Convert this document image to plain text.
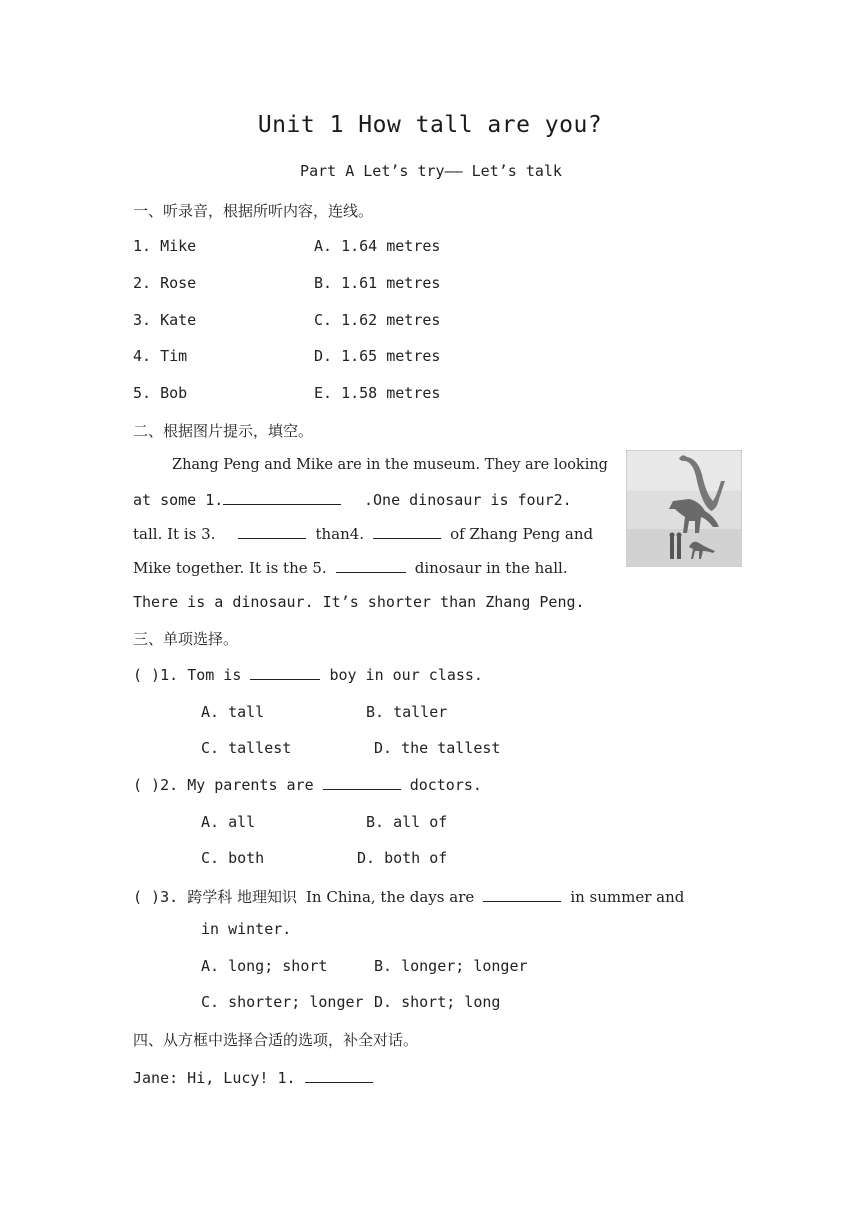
Unit 1 How tall are you?
Part A Let’s try—— Let’s talk
一、听录音，根据所听内容，连线。
1. Mike	A. 1.64 metres
2. Rose	B. 1.61 metres
3. Kate	C. 1.62 metres
4. Tim	D. 1.65 metres
5. Bob	E. 1.58 metres
二、根据图片提示，填空。
Zhang Peng and Mike are in the museum. They are looking
at some 1.	.One dinosaur is four2.
tall. It is 3.	than4.	of Zhang Peng and
Mike together. It is the 5.	dinosaur in the hall.
There is a dinosaur. It’s shorter than Zhang Peng.
三、单项选择。
( )1. Tom is	boy in our class.
A. tall	B. taller
C. tallest	D. the tallest
( )2. My parents are	doctors.
A. all	B. all of
C. both	D. both of
( )3. 跨学科 地理知识 In China, the days are	in summer and
in winter.
A. long; short	B. longer; longer
C. shorter; longer D. short; long
四、从方框中选择合适的选项，补全对话。
Jane: Hi, Lucy! 1.
